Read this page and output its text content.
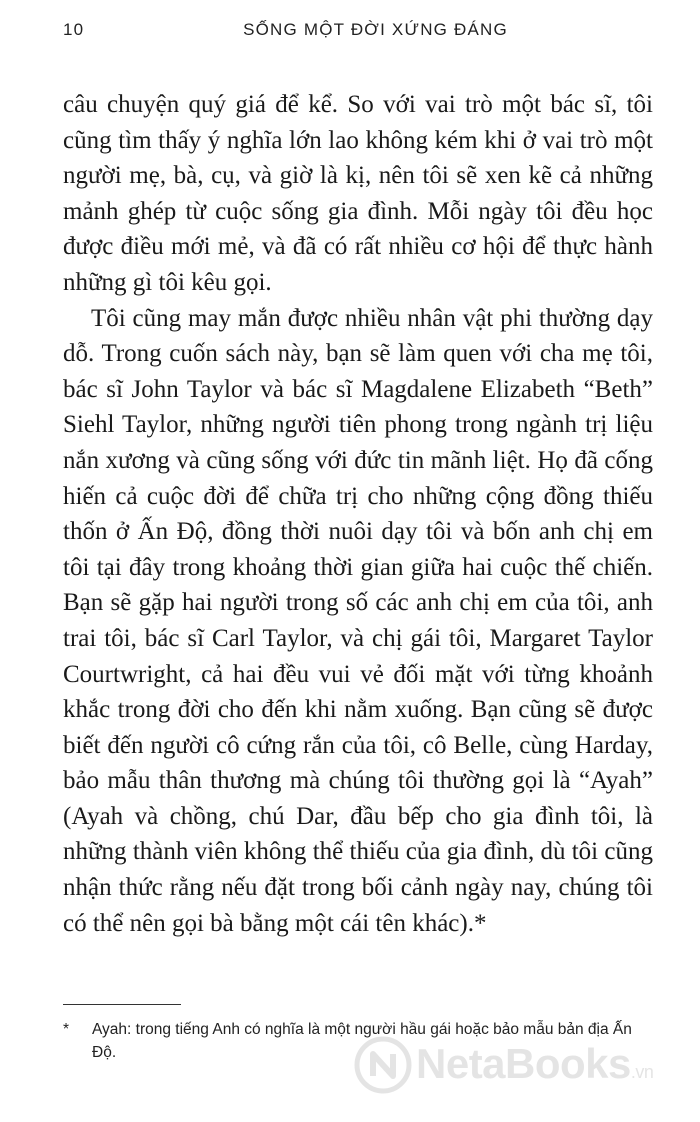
10	SỐNG MỘT ĐỜI XỨNG ĐÁNG

câu chuyện quý giá để kể. So với vai trò một bác sĩ, tôi cũng tìm thấy ý nghĩa lớn lao không kém khi ở vai trò một người mẹ, bà, cụ, và giờ là kị, nên tôi sẽ xen kẽ cả những mảnh ghép từ cuộc sống gia đình. Mỗi ngày tôi đều học được điều mới mẻ, và đã có rất nhiều cơ hội để thực hành những gì tôi kêu gọi.

Tôi cũng may mắn được nhiều nhân vật phi thường dạy dỗ. Trong cuốn sách này, bạn sẽ làm quen với cha mẹ tôi, bác sĩ John Taylor và bác sĩ Magdalene Elizabeth “Beth” Siehl Taylor, những người tiên phong trong ngành trị liệu nắn xương và cũng sống với đức tin mãnh liệt. Họ đã cống hiến cả cuộc đời để chữa trị cho những cộng đồng thiếu thốn ở Ấn Độ, đồng thời nuôi dạy tôi và bốn anh chị em tôi tại đây trong khoảng thời gian giữa hai cuộc thế chiến. Bạn sẽ gặp hai người trong số các anh chị em của tôi, anh trai tôi, bác sĩ Carl Taylor, và chị gái tôi, Margaret Taylor Courtwright, cả hai đều vui vẻ đối mặt với từng khoảnh khắc trong đời cho đến khi nằm xuống. Bạn cũng sẽ được biết đến người cô cứng rắn của tôi, cô Belle, cùng Harday, bảo mẫu thân thương mà chúng tôi thường gọi là “Ayah” (Ayah và chồng, chú Dar, đầu bếp cho gia đình tôi, là những thành viên không thể thiếu của gia đình, dù tôi cũng nhận thức rằng nếu đặt trong bối cảnh ngày nay, chúng tôi có thể nên gọi bà bằng một cái tên khác).*

* Ayah: trong tiếng Anh có nghĩa là một người hầu gái hoặc bảo mẫu bản địa Ấn Độ.	NetaBooks.vn
